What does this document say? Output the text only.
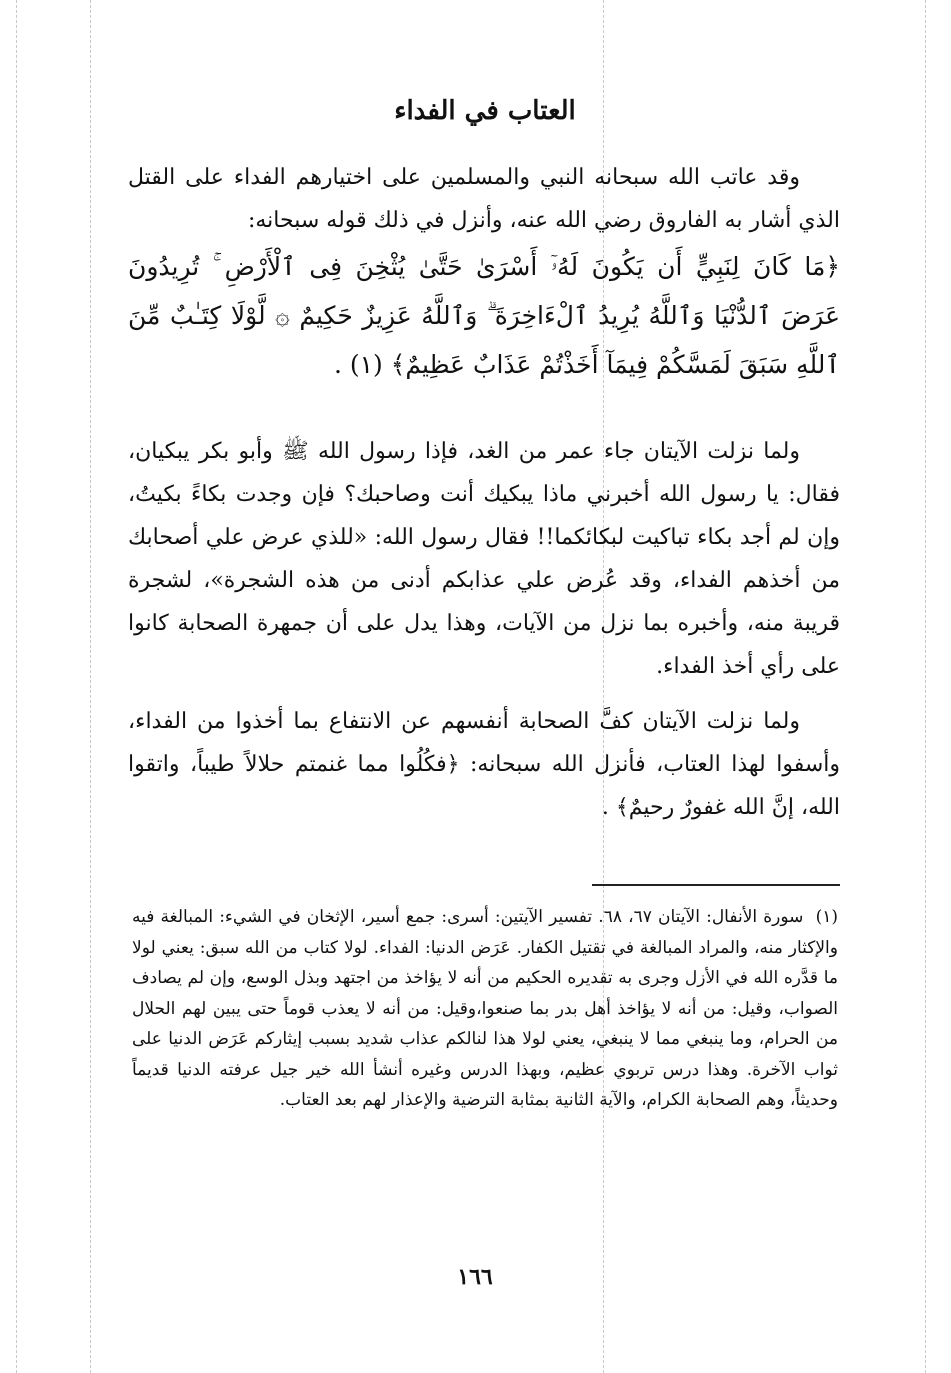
العتاب في الفداء
وقد عاتب الله سبحانه النبي والمسلمين على اختيارهم الفداء على القتل الذي أشار به الفاروق رضي الله عنه، وأنزل في ذلك قوله سبحانه:
﴿مَا كَانَ لِنَبِيٍّ أَن يَكُونَ لَهُۥٓ أَسْرَىٰ حَتَّىٰ يُثْخِنَ فِى ٱلْأَرْضِ ۚ تُرِيدُونَ عَرَضَ ٱلدُّنْيَا وَٱللَّهُ يُرِيدُ ٱلْءَاخِرَةَ ۗ وَٱللَّهُ عَزِيزٌ حَكِيمٌ ۞ لَّوْلَا كِتَـٰبٌ مِّنَ ٱللَّهِ سَبَقَ لَمَسَّكُمْ فِيمَآ أَخَذْتُمْ عَذَابٌ عَظِيمٌ﴾ (١) .
ولما نزلت الآيتان جاء عمر من الغد، فإذا رسول الله ﷺ وأبو بكر يبكيان، فقال: يا رسول الله أخبرني ماذا يبكيك أنت وصاحبك؟ فإن وجدت بكاءً بكيتُ، وإن لم أجد بكاء تباكيت لبكائكما!! فقال رسول الله: «للذي عرض علي أصحابك من أخذهم الفداء، وقد عُرض علي عذابكم أدنى من هذه الشجرة»، لشجرة قريبة منه، وأخبره بما نزل من الآيات، وهذا يدل على أن جمهرة الصحابة كانوا على رأي أخذ الفداء.
ولما نزلت الآيتان كفَّ الصحابة أنفسهم عن الانتفاع بما أخذوا من الفداء، وأسفوا لهذا العتاب، فأنزل الله سبحانه: ﴿فكُلُوا مما غنمتم حلالاً طيباً، واتقوا الله، إنَّ الله غفورٌ رحيمٌ﴾ .
(١) سورة الأنفال: الآيتان ٦٧، ٦٨. تفسير الآيتين: أسرى: جمع أسير، الإثخان في الشيء: المبالغة فيه والإكثار منه، والمراد المبالغة في تقتيل الكفار. عَرَض الدنيا: الفداء. لولا كتاب من الله سبق: يعني لولا ما قدَّره الله في الأزل وجرى به تقديره الحكيم من أنه لا يؤاخذ من اجتهد وبذل الوسع، وإن لم يصادف الصواب، وقيل: من أنه لا يؤاخذ أهل بدر بما صنعوا،وقيل: من أنه لا يعذب قوماً حتى يبين لهم الحلال من الحرام، وما ينبغي مما لا ينبغي، يعني لولا هذا لنالكم عذاب شديد بسبب إيثاركم عَرَض الدنيا على ثواب الآخرة. وهذا درس تربوي عظيم، وبهذا الدرس وغيره أنشأ الله خير جيل عرفته الدنيا قديماً وحديثاً، وهم الصحابة الكرام، والآية الثانية بمثابة الترضية والإعذار لهم بعد العتاب.
١٦٦
